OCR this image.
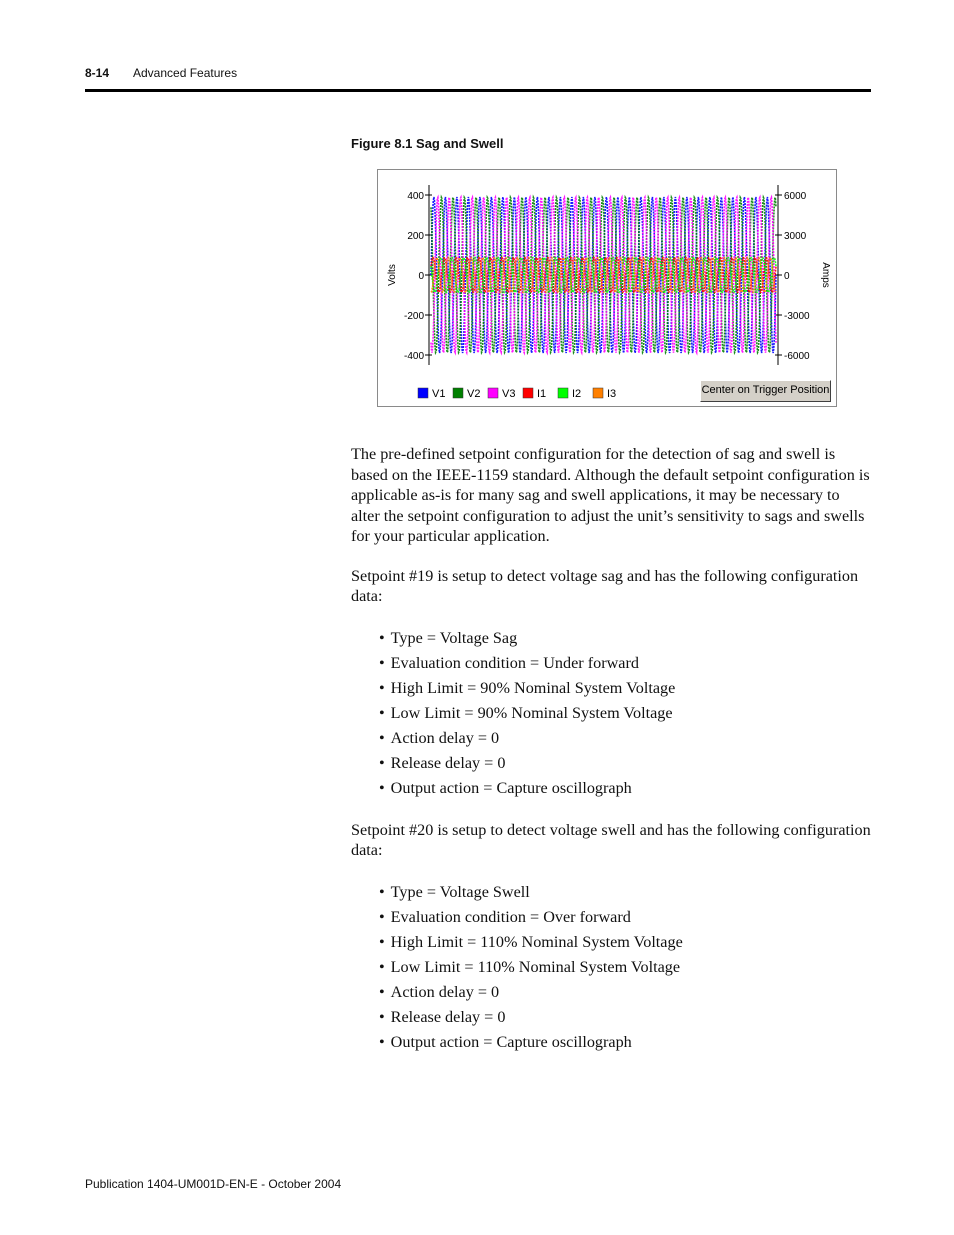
8-14 Advanced Features
Figure 8.1 Sag and Swell
400
200
0
-200
-400
6000
3000
0
-3000
-6000
Volts	Amps
V1 V2 V3 I1 I2 I3	Center on Trigger Position

The pre-defined setpoint configuration for the detection of sag and swell is based on the IEEE-1159 standard. Although the default setpoint configuration is applicable as-is for many sag and swell applications, it may be necessary to alter the setpoint configuration to adjust the unit’s sensitivity to sags and swells for your particular application.

Setpoint #19 is setup to detect voltage sag and has the following configuration data:

• Type = Voltage Sag
• Evaluation condition = Under forward
• High Limit = 90% Nominal System Voltage
• Low Limit = 90% Nominal System Voltage
• Action delay = 0
• Release delay = 0
• Output action = Capture oscillograph

Setpoint #20 is setup to detect voltage swell and has the following configuration data:

• Type = Voltage Swell
• Evaluation condition = Over forward
• High Limit = 110% Nominal System Voltage
• Low Limit = 110% Nominal System Voltage
• Action delay = 0
• Release delay = 0
• Output action = Capture oscillograph
Publication 1404-UM001D-EN-E - October 2004
